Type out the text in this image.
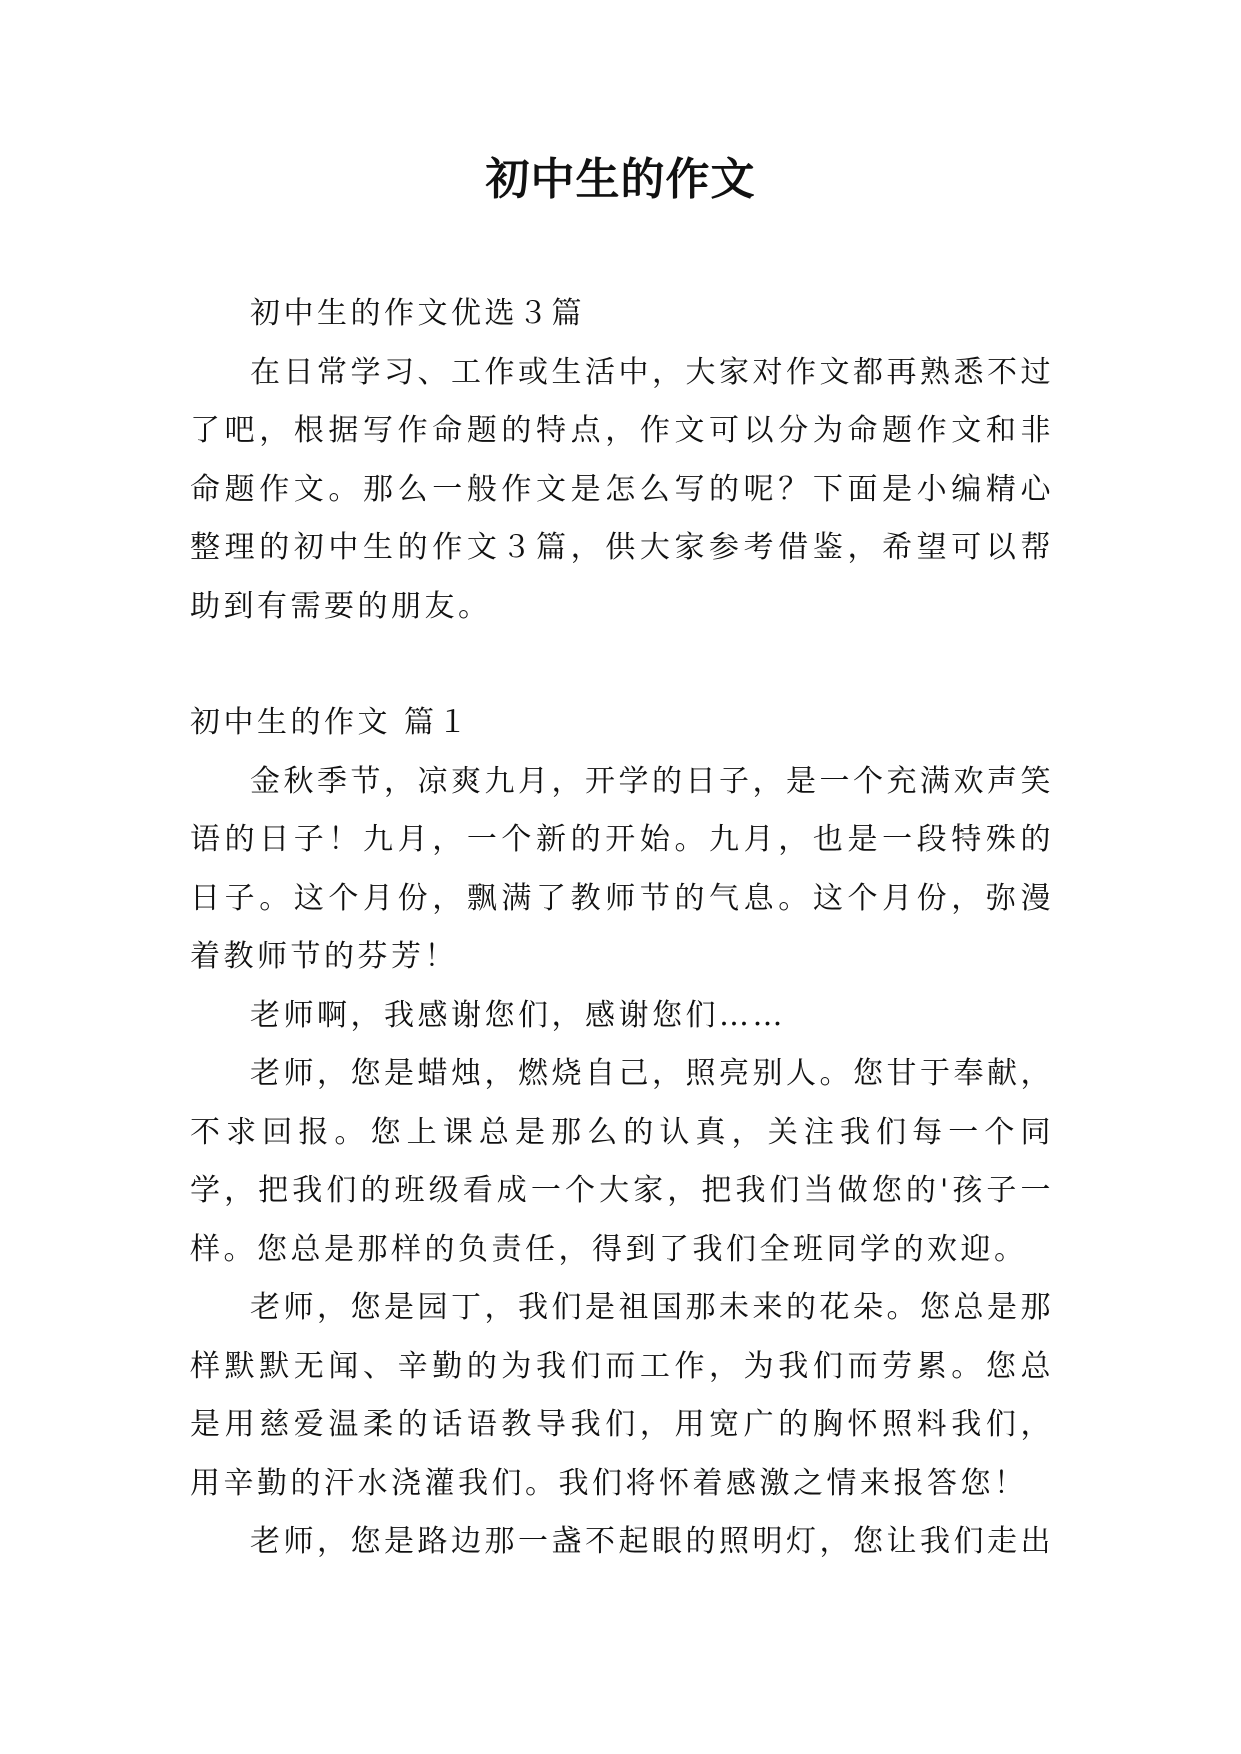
初中生的作文

初中生的作文优选３篇

在日常学习、工作或生活中，大家对作文都再熟悉不过了吧，根据写作命题的特点，作文可以分为命题作文和非命题作文。那么一般作文是怎么写的呢？下面是小编精心整理的初中生的作文３篇，供大家参考借鉴，希望可以帮助到有需要的朋友。

初中生的作文 篇１

金秋季节，凉爽九月，开学的日子，是一个充满欢声笑语的日子！九月，一个新的开始。九月，也是一段特殊的日子。这个月份，飘满了教师节的气息。这个月份，弥漫着教师节的芬芳！

老师啊，我感谢您们，感谢您们……

老师，您是蜡烛，燃烧自己，照亮别人。您甘于奉献，不求回报。您上课总是那么的认真，关注我们每一个同学，把我们的班级看成一个大家，把我们当做您的'孩子一样。您总是那样的负责任，得到了我们全班同学的欢迎。

老师，您是园丁，我们是祖国那未来的花朵。您总是那样默默无闻、辛勤的为我们而工作，为我们而劳累。您总是用慈爱温柔的话语教导我们，用宽广的胸怀照料我们，用辛勤的汗水浇灌我们。我们将怀着感激之情来报答您！

老师，您是路边那一盏不起眼的照明灯，您让我们走出
